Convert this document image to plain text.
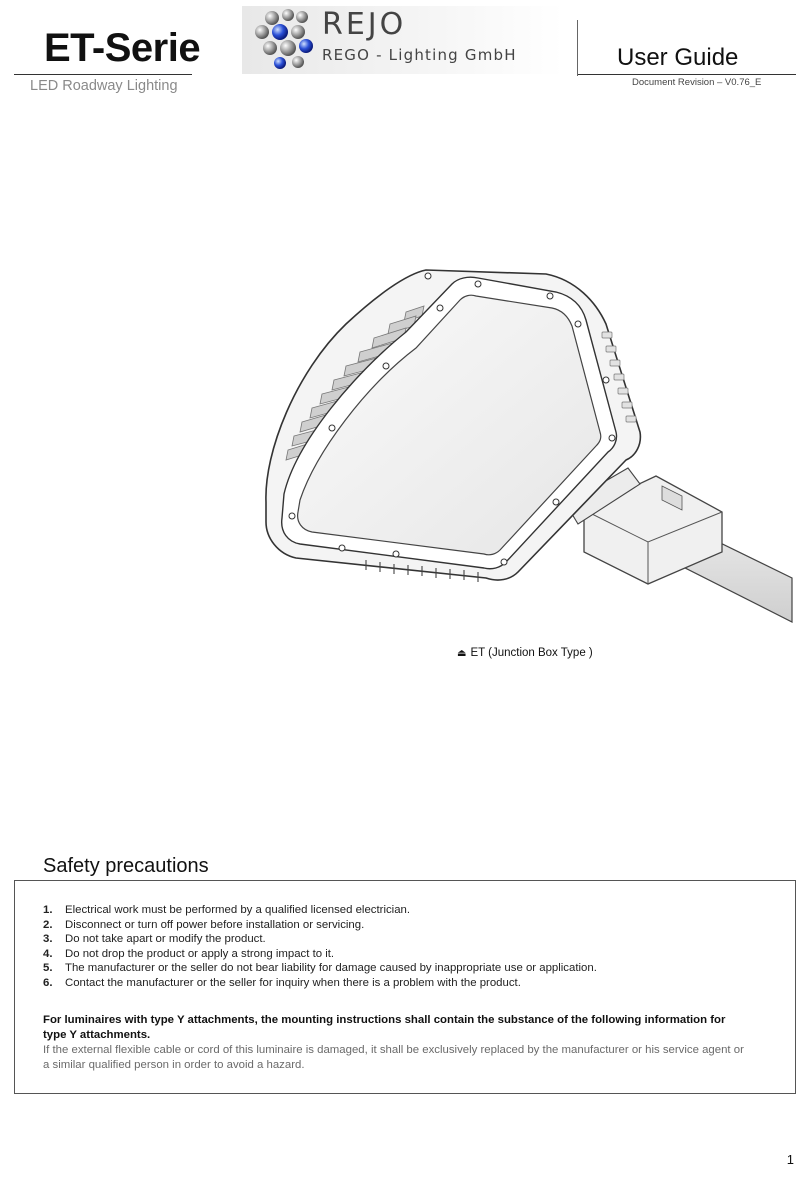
ET-Serie
LED Roadway Lighting
REJO
REGO - Lighting GmbH	User Guide
Document Revision – V0.76_E
⏏ ET (Junction Box Type )
Safety precautions
1.	Electrical work must be performed by a qualified licensed electrician.
2.	Disconnect or turn off power before installation or servicing.
3.	Do not take apart or modify the product.
4.	Do not drop the product or apply a strong impact to it.
5.	The manufacturer or the seller do not bear liability for damage caused by inappropriate use or application.
6.	Contact the manufacturer or the seller for inquiry when there is a problem with the product.
For luminaires with type Y attachments, the mounting instructions shall contain the substance of the following information for type Y attachments.
If the external flexible cable or cord of this luminaire is damaged, it shall be exclusively replaced by the manufacturer or his service agent or a similar qualified person in order to avoid a hazard.
1
